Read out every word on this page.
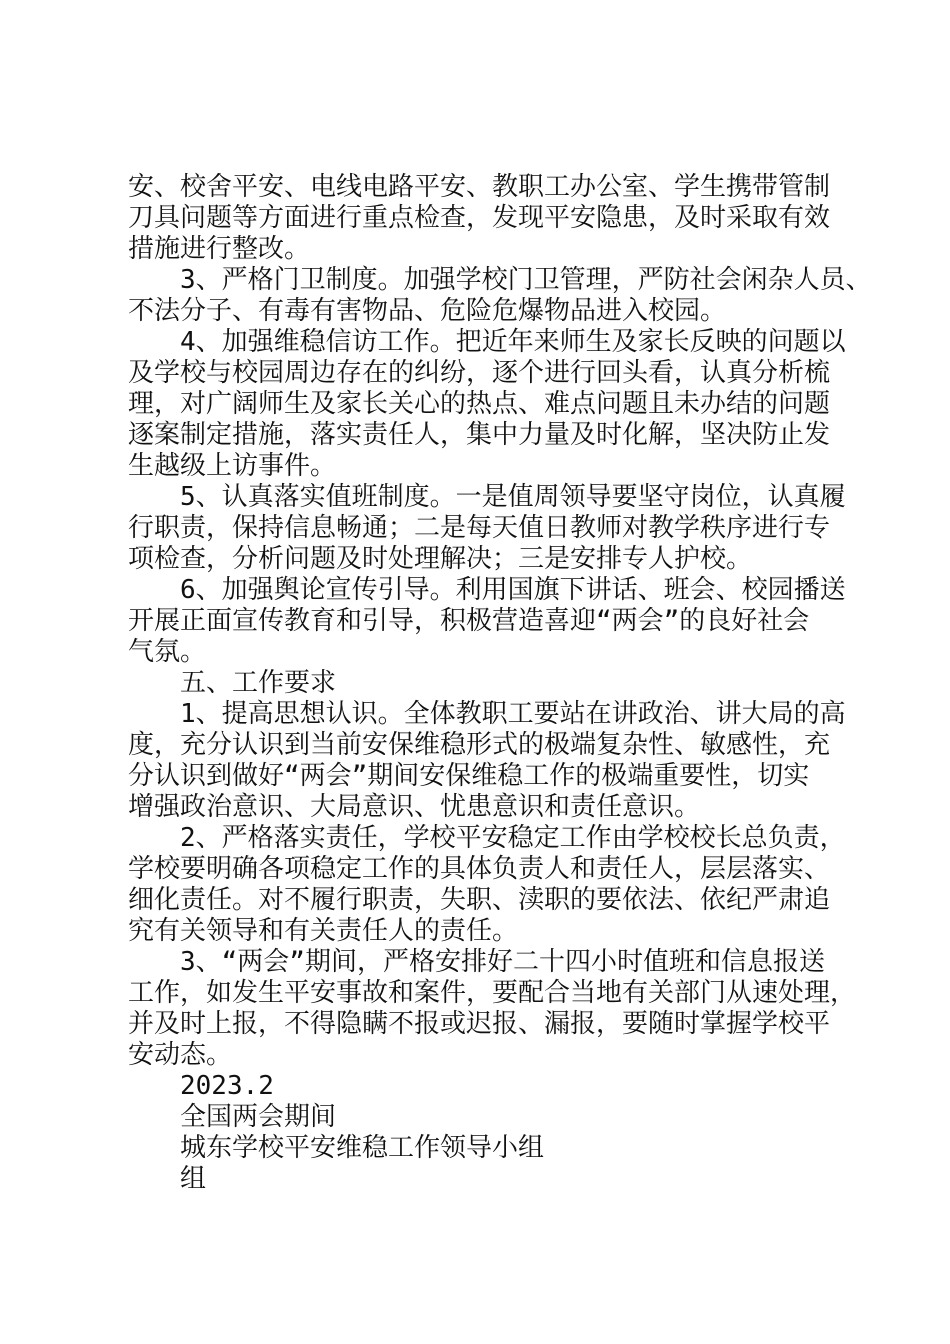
安、校舍平安、电线电路平安、教职工办公室、学生携带管制
刀具问题等方面进行重点检查，发现平安隐患，及时采取有效
措施进行整改。
3、严格门卫制度。加强学校门卫管理，严防社会闲杂人员、
不法分子、有毒有害物品、危险危爆物品进入校园。
4、加强维稳信访工作。把近年来师生及家长反映的问题以
及学校与校园周边存在的纠纷，逐个进行回头看，认真分析梳
理，对广阔师生及家长关心的热点、难点问题且未办结的问题
逐案制定措施，落实责任人，集中力量及时化解，坚决防止发
生越级上访事件。
5、认真落实值班制度。一是值周领导要坚守岗位，认真履
行职责，保持信息畅通；二是每天值日教师对教学秩序进行专
项检查，分析问题及时处理解决；三是安排专人护校。
6、加强舆论宣传引导。利用国旗下讲话、班会、校园播送
开展正面宣传教育和引导，积极营造喜迎“两会”的良好社会
气氛。
五、工作要求
1、提高思想认识。全体教职工要站在讲政治、讲大局的高
度，充分认识到当前安保维稳形式的极端复杂性、敏感性，充
分认识到做好“两会”期间安保维稳工作的极端重要性，切实
增强政治意识、大局意识、忧患意识和责任意识。
2、严格落实责任，学校平安稳定工作由学校校长总负责，
学校要明确各项稳定工作的具体负责人和责任人，层层落实、
细化责任。对不履行职责，失职、渎职的要依法、依纪严肃追
究有关领导和有关责任人的责任。
3、“两会”期间，严格安排好二十四小时值班和信息报送
工作，如发生平安事故和案件，要配合当地有关部门从速处理，
并及时上报，不得隐瞒不报或迟报、漏报，要随时掌握学校平
安动态。
2023.2
全国两会期间
城东学校平安维稳工作领导小组
组
